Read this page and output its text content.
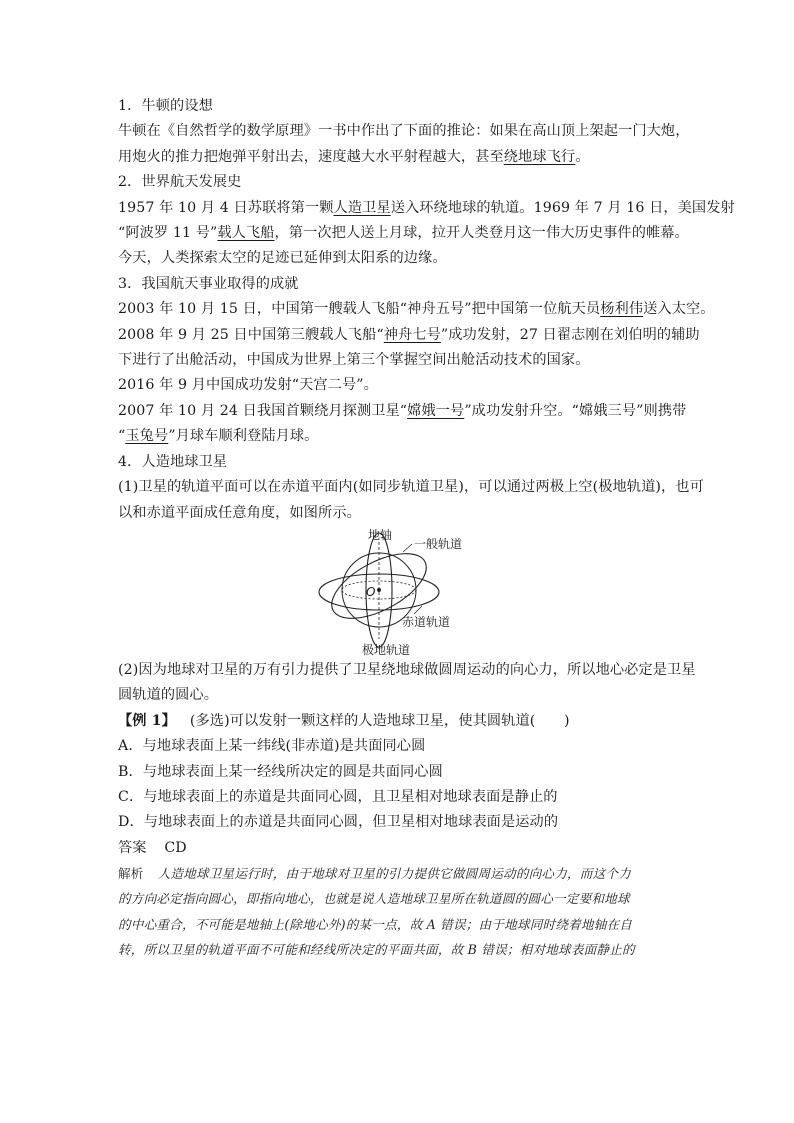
1．牛顿的设想
牛顿在《自然哲学的数学原理》一书中作出了下面的推论：如果在高山顶上架起一门大炮，
用炮火的推力把炮弹平射出去，速度越大水平射程越大，甚至绕地球飞行。
2．世界航天发展史
1957 年 10 月 4 日苏联将第一颗人造卫星送入环绕地球的轨道。1969 年 7 月 16 日，美国发射
“阿波罗 11 号”载人飞船，第一次把人送上月球，拉开人类登月这一伟大历史事件的帷幕。
今天，人类探索太空的足迹已延伸到太阳系的边缘。
3．我国航天事业取得的成就
2003 年 10 月 15 日，中国第一艘载人飞船“神舟五号”把中国第一位航天员杨利伟送入太空。
2008 年 9 月 25 日中国第三艘载人飞船“神舟七号”成功发射，27 日翟志刚在刘伯明的辅助
下进行了出舱活动，中国成为世界上第三个掌握空间出舱活动技术的国家。
2016 年 9 月中国成功发射“天宫二号”。
2007 年 10 月 24 日我国首颗绕月探测卫星“嫦娥一号”成功发射升空。“嫦娥三号”则携带
“玉兔号”月球车顺利登陆月球。
4．人造地球卫星
(1)卫星的轨道平面可以在赤道平面内(如同步轨道卫星)，可以通过两极上空(极地轨道)，也可
以和赤道平面成任意角度，如图所示。
地轴
一般轨道
O
赤道轨道
极地轨道
(2)因为地球对卫星的万有引力提供了卫星绕地球做圆周运动的向心力，所以地心必定是卫星
圆轨道的圆心。
【例 1】 (多选)可以发射一颗这样的人造地球卫星，使其圆轨道(　　)
A．与地球表面上某一纬线(非赤道)是共面同心圆
B．与地球表面上某一经线所决定的圆是共面同心圆
C．与地球表面上的赤道是共面同心圆，且卫星相对地球表面是静止的
D．与地球表面上的赤道是共面同心圆，但卫星相对地球表面是运动的
答案 CD
解析 人造地球卫星运行时，由于地球对卫星的引力提供它做圆周运动的向心力，而这个力
的方向必定指向圆心，即指向地心，也就是说人造地球卫星所在轨道圆的圆心一定要和地球
的中心重合，不可能是地轴上(除地心外)的某一点，故 A 错误；由于地球同时绕着地轴在自
转，所以卫星的轨道平面不可能和经线所决定的平面共面，故 B 错误；相对地球表面静止的
